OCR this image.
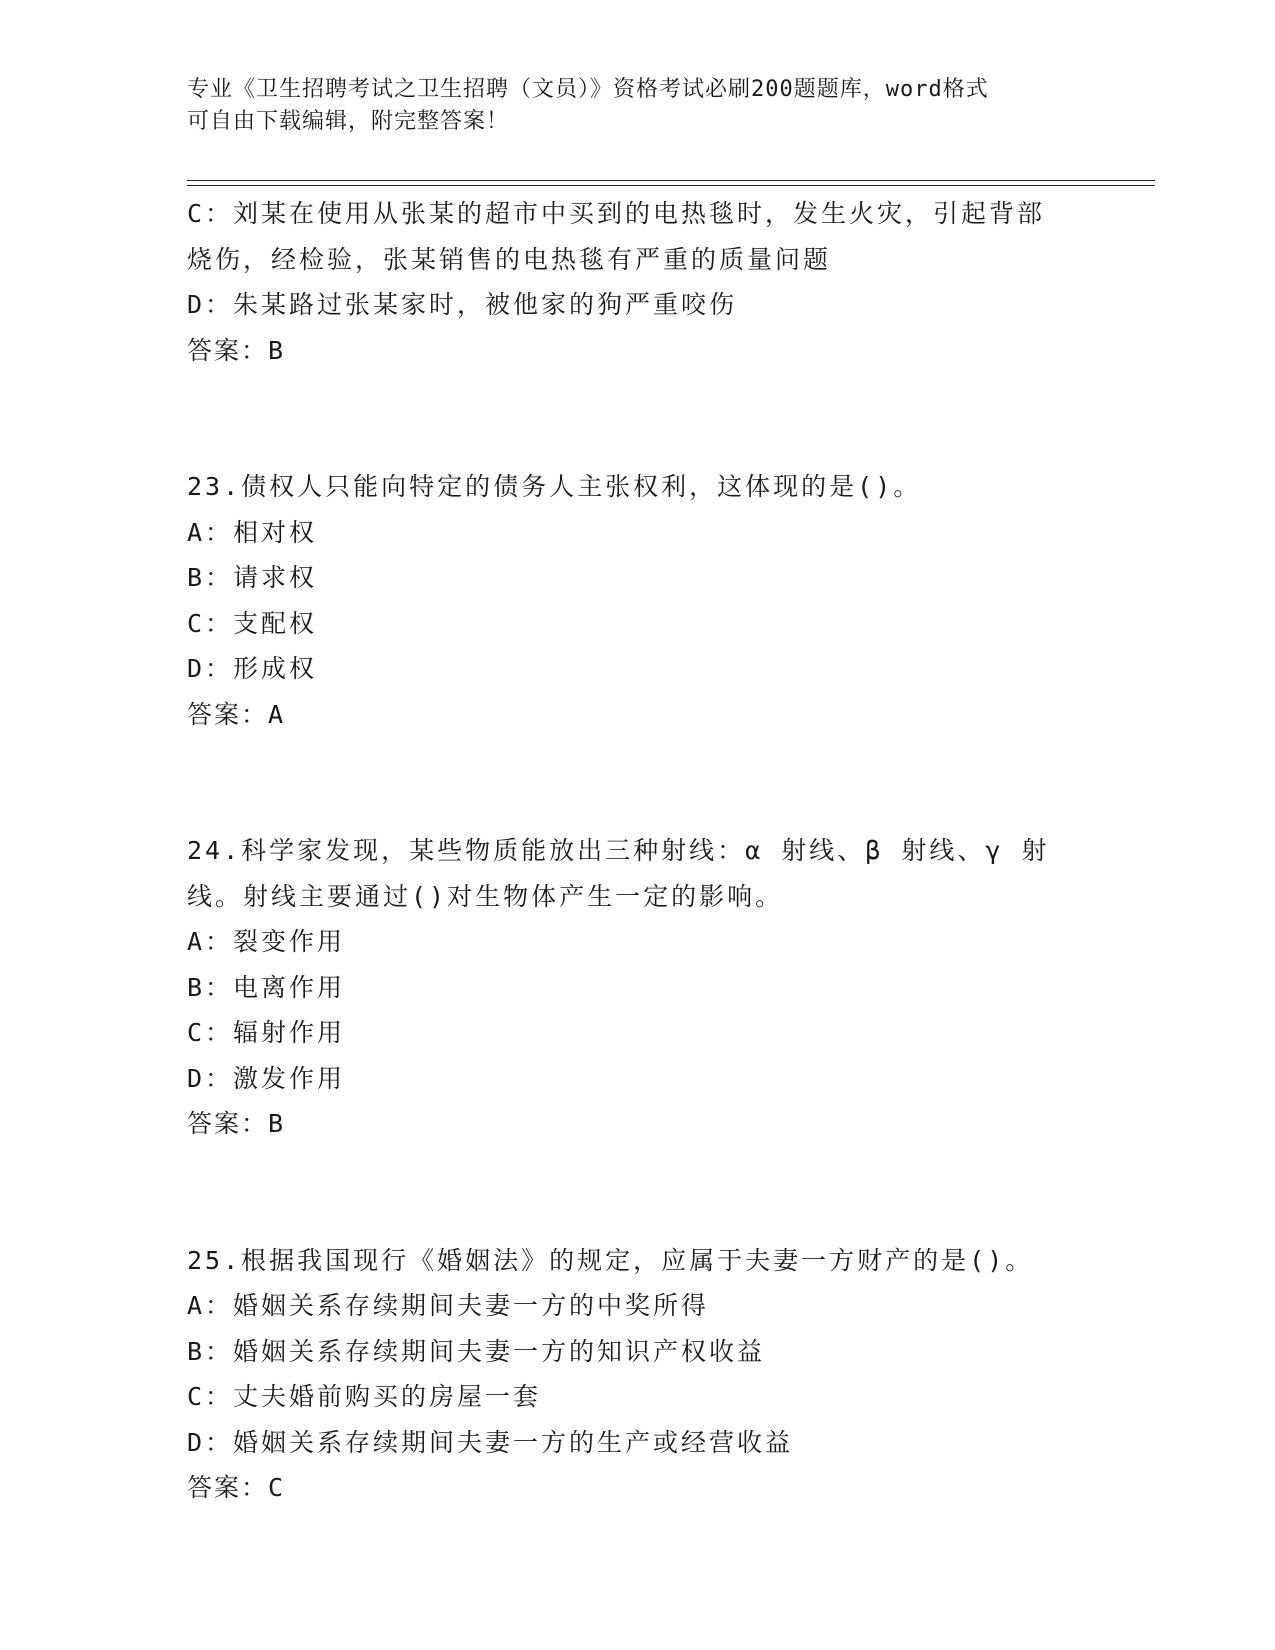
专业《卫生招聘考试之卫生招聘（文员）》资格考试必刷200题题库，word格式
可自由下载编辑，附完整答案！
C：刘某在使用从张某的超市中买到的电热毯时，发生火灾，引起背部
烧伤，经检验，张某销售的电热毯有严重的质量问题
D：朱某路过张某家时，被他家的狗严重咬伤
答案：B
23.债权人只能向特定的债务人主张权利，这体现的是()。
A：相对权
B：请求权
C：支配权
D：形成权
答案：A
24.科学家发现，某些物质能放出三种射线：α 射线、β 射线、γ 射
线。射线主要通过()对生物体产生一定的影响。
A：裂变作用
B：电离作用
C：辐射作用
D：激发作用
答案：B
25.根据我国现行《婚姻法》的规定，应属于夫妻一方财产的是()。
A：婚姻关系存续期间夫妻一方的中奖所得
B：婚姻关系存续期间夫妻一方的知识产权收益
C：丈夫婚前购买的房屋一套
D：婚姻关系存续期间夫妻一方的生产或经营收益
答案：C
